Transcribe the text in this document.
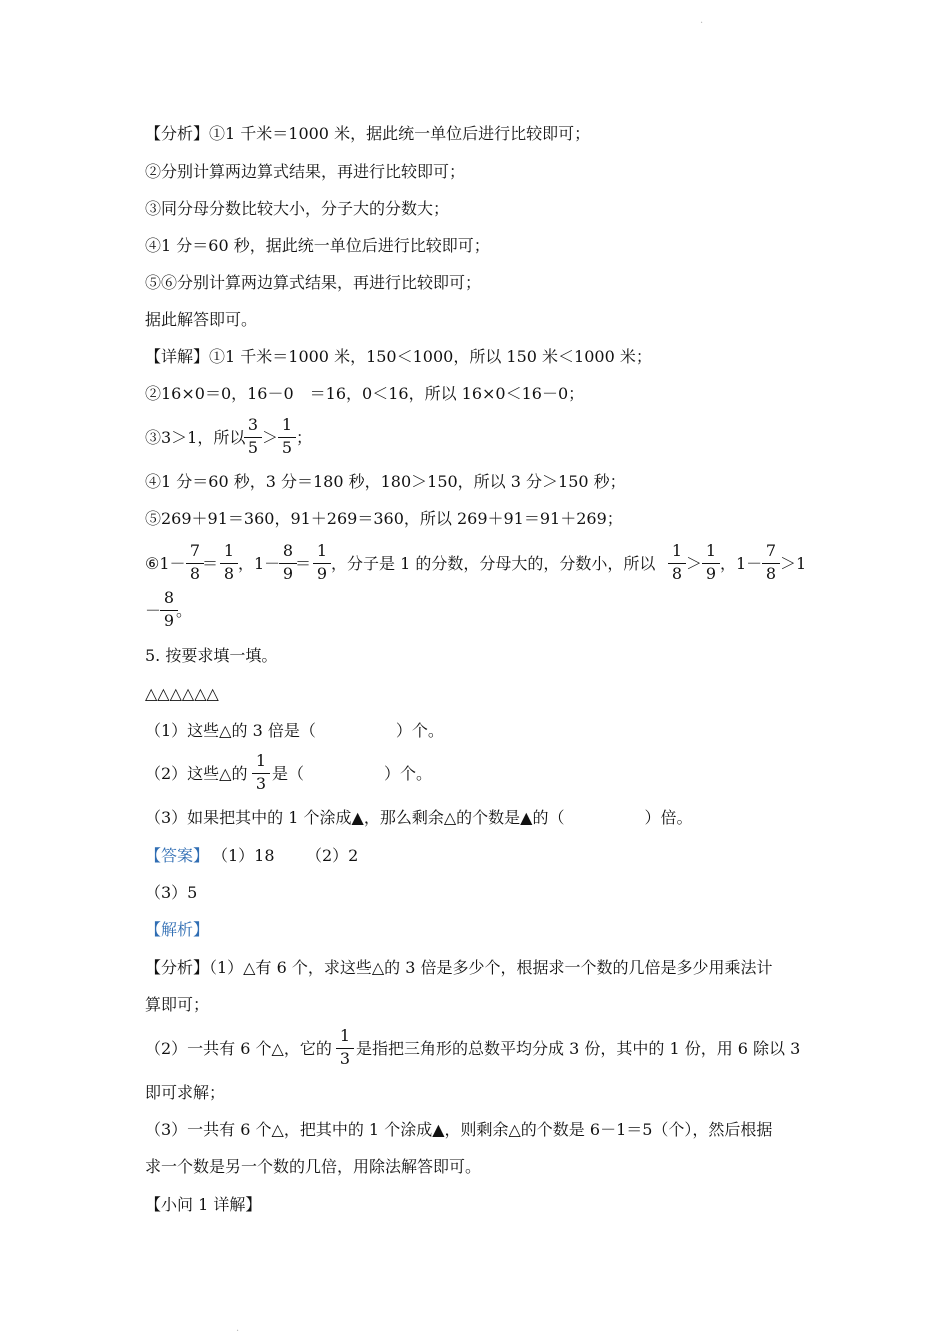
【分析】①1 千米＝1000 米，据此统一单位后进行比较即可；
②分别计算两边算式结果，再进行比较即可；
③同分母分数比较大小，分子大的分数大；
④1 分＝60 秒，据此统一单位后进行比较即可；
⑤⑥分别计算两边算式结果，再进行比较即可；
据此解答即可。
【详解】①1 千米＝1000 米，150＜1000，所以 150 米＜1000 米；
②16×0＝0，16－0　＝16，0＜16，所以 16×0＜16－0；
③3＞1，所以
3
5
＞
1
5
；
④1 分＝60 秒，3 分＝180 秒，180＞150，所以 3 分＞150 秒；
⑤269＋91＝360，91＋269＝360，所以 269＋91＝91＋269；
⑥1－
7
8
＝
1
8
，1－
8
9
＝
1
9
，分子是 1 的分数，分母大的，分数小，所以
1
8
＞
1
9
，1－
7
8
＞1
－
8
9
。
5. 按要求填一填。
△△△△△△
（1）这些△的 3 倍是（　　　　　）个。
（2）这些△的
1
3
是（　　　　　）个。
（3）如果把其中的 1 个涂成▲，那么剩余△的个数是▲的（　　　　　）倍。
【答案】 （1）18 （2）2
（3）5
【解析】
【分析】（1）△有 6 个，求这些△的 3 倍是多少个，根据求一个数的几倍是多少用乘法计
算即可；
（2）一共有 6 个△，它的
1
3
是指把三角形的总数平均分成 3 份，其中的 1 份，用 6 除以 3
即可求解；
（3）一共有 6 个△，把其中的 1 个涂成▲，则剩余△的个数是 6－1＝5（个），然后根据
求一个数是另一个数的几倍，用除法解答即可。
【小问 1 详解】
·
·
